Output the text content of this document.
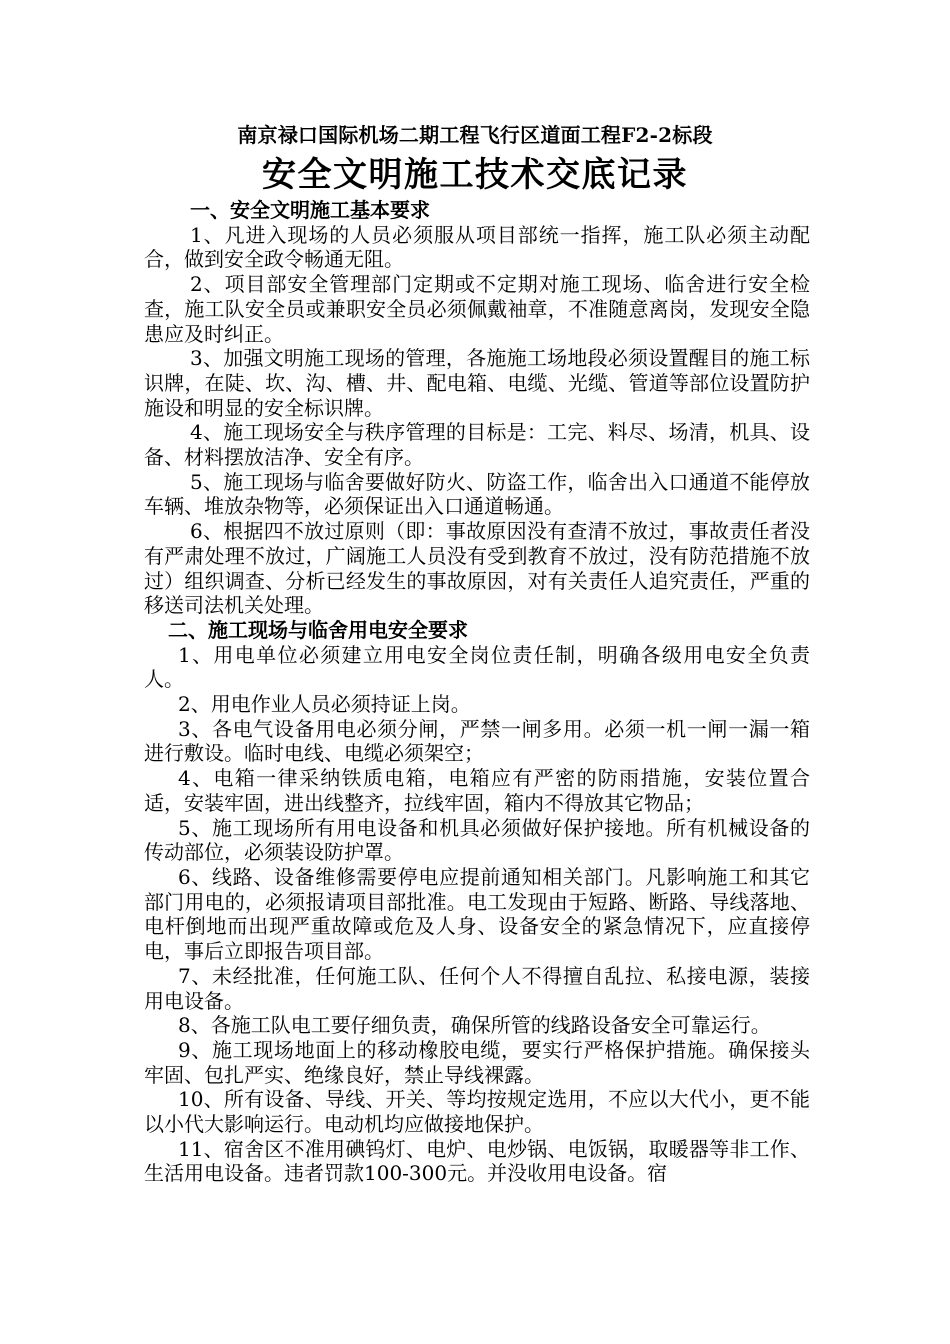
南京禄口国际机场二期工程飞行区道面工程F2-2标段
安全文明施工技术交底记录

一、安全文明施工基本要求

1、凡进入现场的人员必须服从项目部统一指挥，施工队必须主动配合，做到安全政令畅通无阻。

2、项目部安全管理部门定期或不定期对施工现场、临舍进行安全检查，施工队安全员或兼职安全员必须佩戴袖章，不准随意离岗，发现安全隐患应及时纠正。

3、加强文明施工现场的管理，各施施工场地段必须设置醒目的施工标识牌，在陡、坎、沟、槽、井、配电箱、电缆、光缆、管道等部位设置防护施设和明显的安全标识牌。

4、施工现场安全与秩序管理的目标是：工完、料尽、场清，机具、设备、材料摆放洁净、安全有序。

5、施工现场与临舍要做好防火、防盗工作，临舍出入口通道不能停放车辆、堆放杂物等，必须保证出入口通道畅通。

6、根据四不放过原则（即：事故原因没有查清不放过，事故责任者没有严肃处理不放过，广阔施工人员没有受到教育不放过，没有防范措施不放过）组织调查、分析已经发生的事故原因，对有关责任人追究责任，严重的移送司法机关处理。

二、施工现场与临舍用电安全要求

1、用电单位必须建立用电安全岗位责任制，明确各级用电安全负责人。

2、用电作业人员必须持证上岗。

3、各电气设备用电必须分闸，严禁一闸多用。必须一机一闸一漏一箱进行敷设。临时电线、电缆必须架空；

4、电箱一律采纳铁质电箱，电箱应有严密的防雨措施，安装位置合适，安装牢固，进出线整齐，拉线牢固，箱内不得放其它物品；

5、施工现场所有用电设备和机具必须做好保护接地。所有机械设备的传动部位，必须装设防护罩。

6、线路、设备维修需要停电应提前通知相关部门。凡影响施工和其它部门用电的，必须报请项目部批准。电工发现由于短路、断路、导线落地、电杆倒地而出现严重故障或危及人身、设备安全的紧急情况下，应直接停电，事后立即报告项目部。

7、未经批准，任何施工队、任何个人不得擅自乱拉、私接电源，装接用电设备。

8、各施工队电工要仔细负责，确保所管的线路设备安全可靠运行。

9、施工现场地面上的移动橡胶电缆，要实行严格保护措施。确保接头牢固、包扎严实、绝缘良好，禁止导线裸露。

10、所有设备、导线、开关、等均按规定选用，不应以大代小，更不能以小代大影响运行。电动机均应做接地保护。

11、宿舍区不准用碘钨灯、电炉、电炒锅、电饭锅，取暖器等非工作、生活用电设备。违者罚款100-300元。并没收用电设备。宿
